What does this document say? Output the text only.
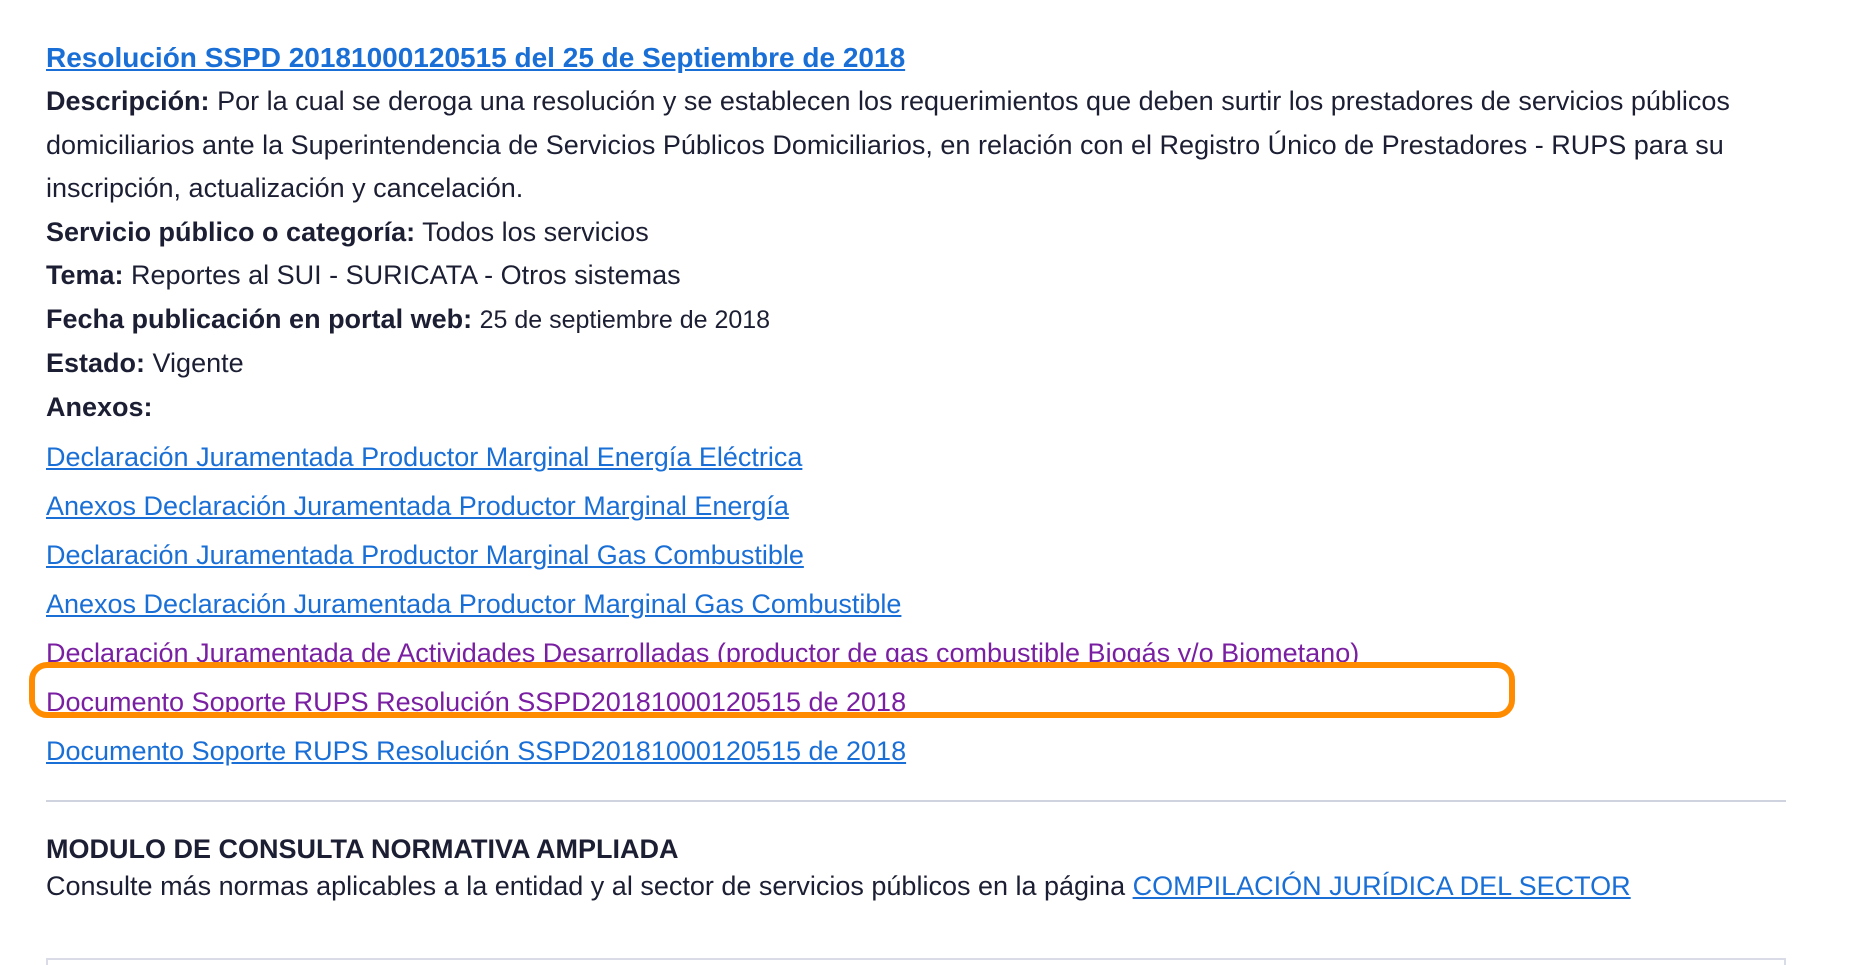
Resolución SSPD 20181000120515 del 25 de Septiembre de 2018

Descripción: Por la cual se deroga una resolución y se establecen los requerimientos que deben surtir los prestadores de servicios públicos domiciliarios ante la Superintendencia de Servicios Públicos Domiciliarios, en relación con el Registro Único de Prestadores - RUPS para su inscripción, actualización y cancelación.

Servicio público o categoría: Todos los servicios

Tema: Reportes al SUI - SURICATA - Otros sistemas

Fecha publicación en portal web: 25 de septiembre de 2018

Estado: Vigente

Anexos:

Declaración Juramentada Productor Marginal Energía Eléctrica
Anexos Declaración Juramentada Productor Marginal Energía
Declaración Juramentada Productor Marginal Gas Combustible
Anexos Declaración Juramentada Productor Marginal Gas Combustible
Declaración Juramentada de Actividades Desarrolladas (productor de gas combustible Biogás y/o Biometano)
Documento Soporte RUPS Resolución SSPD20181000120515 de 2018
Documento Soporte RUPS Resolución SSPD20181000120515 de 2018

MODULO DE CONSULTA NORMATIVA AMPLIADA

Consulte más normas aplicables a la entidad y al sector de servicios públicos en la página COMPILACIÓN JURÍDICA DEL SECTOR
